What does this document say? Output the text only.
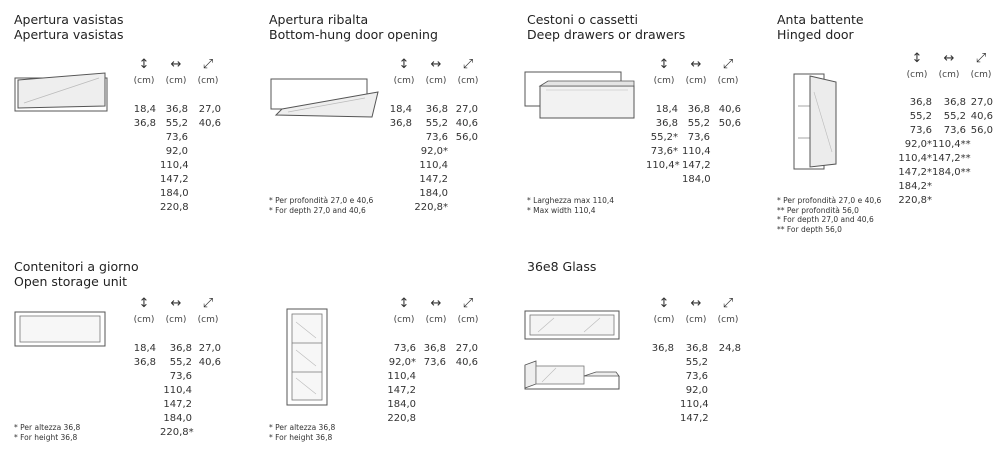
Apertura vasistas
Apertura vasistas
↕
(cm)
↔
(cm)
⤢
(cm)
18,4
36,8
36,8
55,2
73,6
92,0
110,4
147,2
184,0
220,8
27,0
40,6
Apertura ribalta
Bottom-hung door opening
↕
(cm)
↔
(cm)
⤢
(cm)
18,4
36,8
36,8
55,2
73,6
92,0*
110,4
147,2
184,0
220,8*
27,0
40,6
56,0
* Per profondità 27,0 e 40,6
* For depth 27,0 and 40,6
Cestoni o cassetti
Deep drawers or drawers
↕
(cm)
↔
(cm)
⤢
(cm)
18,4
36,8
55,2*
73,6*
110,4*
36,8
55,2
73,6
110,4
147,2
184,0
40,6
50,6
* Larghezza max 110,4
* Max width 110,4
Anta battente
Hinged door
↕
(cm)
↔
(cm)
⤢
(cm)
36,8
55,2
73,6
92,0*
110,4*
147,2*
184,2*
220,8*
36,8
55,2
73,6
110,4**
147,2**
184,0**
27,0
40,6
56,0
* Per profondità 27,0 e 40,6
** Per profondità 56,0
* For depth 27,0 and 40,6
** For depth 56,0
Contenitori a giorno
Open storage unit
↕
(cm)
↔
(cm)
⤢
(cm)
18,4
36,8
36,8
55,2
73,6
110,4
147,2
184,0
220,8*
27,0
40,6
* Per altezza 36,8
* For height 36,8
↕
(cm)
↔
(cm)
⤢
(cm)
73,6
92,0*
110,4
147,2
184,0
220,8
36,8
73,6
27,0
40,6
* Per altezza 36,8
* For height 36,8
36e8 Glass
↕
(cm)
↔
(cm)
⤢
(cm)
36,8	36,8
55,2
73,6
92,0
110,4
147,2
24,8
